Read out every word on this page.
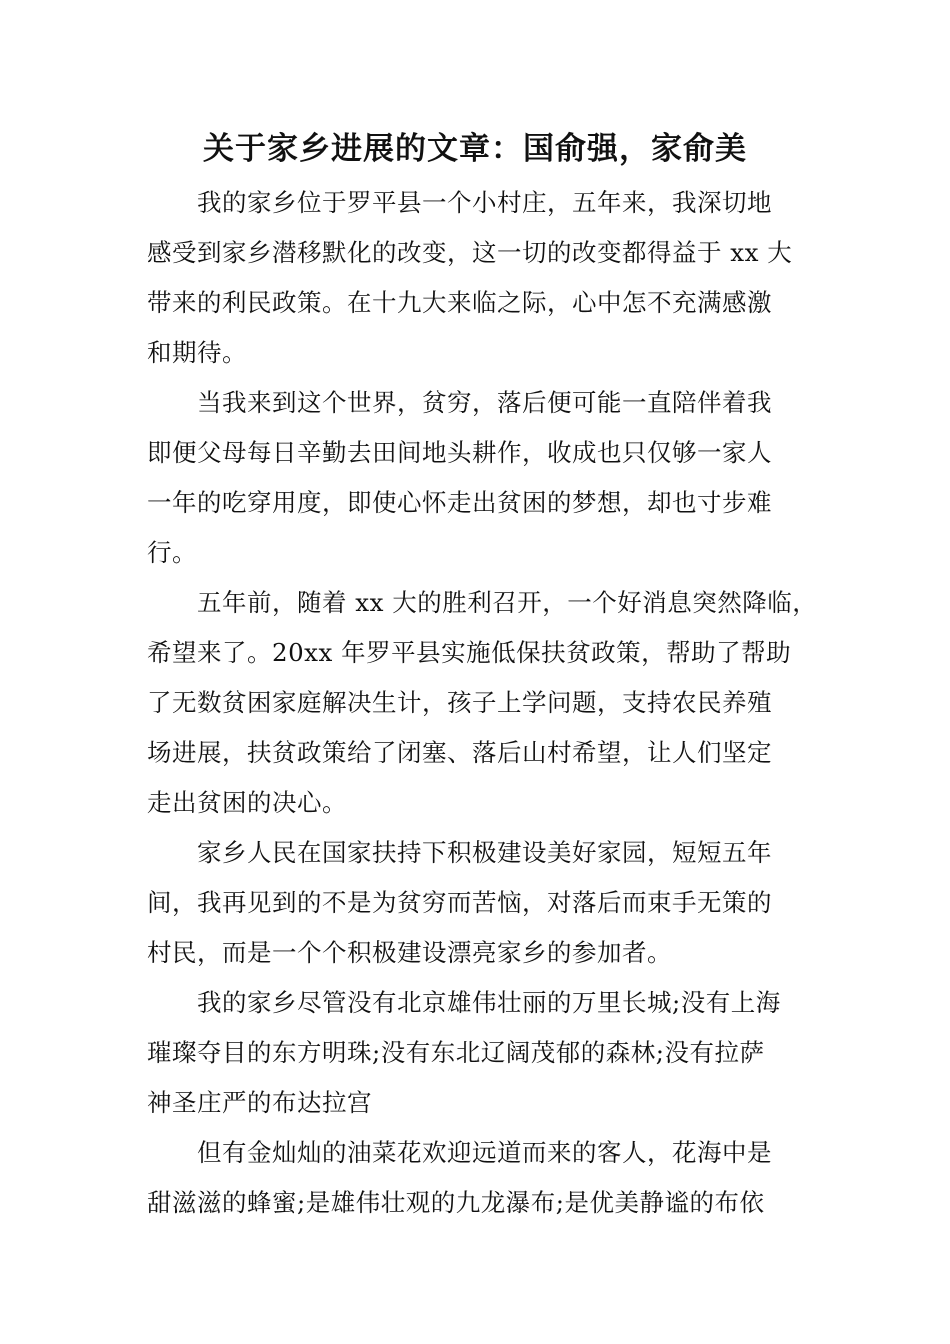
关于家乡进展的文章：国俞强，家俞美
我的家乡位于罗平县一个小村庄，五年来，我深切地
感受到家乡潜移默化的改变，这一切的改变都得益于 xx 大
带来的利民政策。在十九大来临之际，心中怎不充满感激
和期待。
当我来到这个世界，贫穷，落后便可能一直陪伴着我
即便父母每日辛勤去田间地头耕作，收成也只仅够一家人
一年的吃穿用度，即使心怀走出贫困的梦想，却也寸步难
行。
五年前，随着 xx 大的胜利召开，一个好消息突然降临，
希望来了。20xx 年罗平县实施低保扶贫政策，帮助了帮助
了无数贫困家庭解决生计，孩子上学问题，支持农民养殖
场进展，扶贫政策给了闭塞、落后山村希望，让人们坚定
走出贫困的决心。
家乡人民在国家扶持下积极建设美好家园，短短五年
间，我再见到的不是为贫穷而苦恼，对落后而束手无策的
村民，而是一个个积极建设漂亮家乡的参加者。
我的家乡尽管没有北京雄伟壮丽的万里长城;没有上海
璀璨夺目的东方明珠;没有东北辽阔茂郁的森林;没有拉萨
神圣庄严的布达拉宫
但有金灿灿的油菜花欢迎远道而来的客人，花海中是
甜滋滋的蜂蜜;是雄伟壮观的九龙瀑布;是优美静谧的布依
